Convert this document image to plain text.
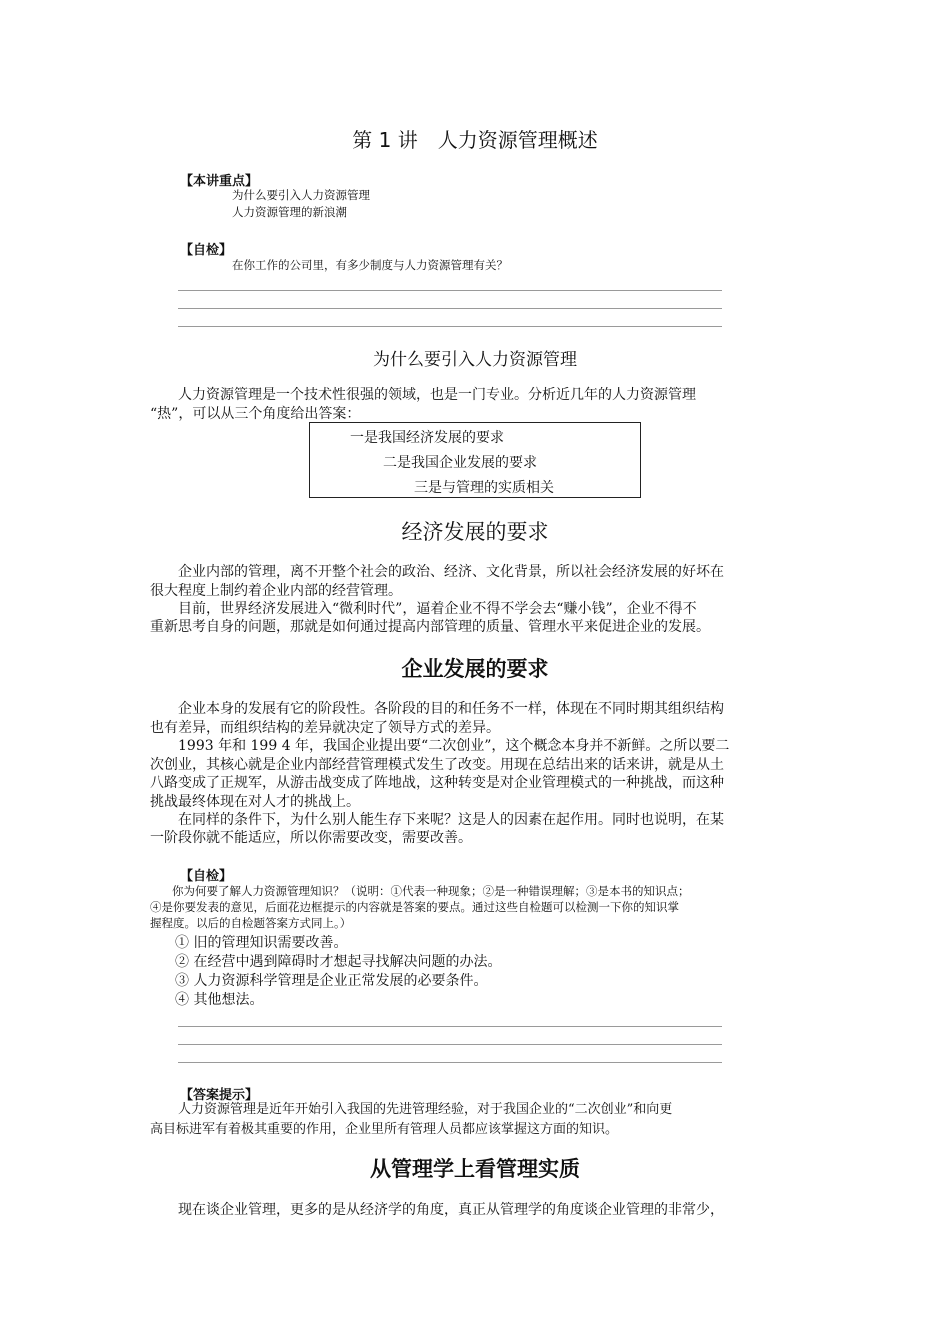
第 1 讲　人力资源管理概述
【本讲重点】
为什么要引入人力资源管理
人力资源管理的新浪潮
【自检】
在你工作的公司里，有多少制度与人力资源管理有关？
为什么要引入人力资源管理
人力资源管理是一个技术性很强的领域，也是一门专业。分析近几年的人力资源管理
“热”，可以从三个角度给出答案：
一是我国经济发展的要求
二是我国企业发展的要求
三是与管理的实质相关
经济发展的要求
企业内部的管理，离不开整个社会的政治、经济、文化背景，所以社会经济发展的好坏在
很大程度上制约着企业内部的经营管理。
目前，世界经济发展进入“微利时代”，逼着企业不得不学会去“赚小钱”，企业不得不
重新思考自身的问题，那就是如何通过提高内部管理的质量、管理水平来促进企业的发展。
企业发展的要求
企业本身的发展有它的阶段性。各阶段的目的和任务不一样，体现在不同时期其组织结构
也有差异，而组织结构的差异就决定了领导方式的差异。
1993 年和 199 4 年，我国企业提出要“二次创业”，这个概念本身并不新鲜。之所以要二
次创业，其核心就是企业内部经营管理模式发生了改变。用现在总结出来的话来讲，就是从土
八路变成了正规军，从游击战变成了阵地战，这种转变是对企业管理模式的一种挑战，而这种
挑战最终体现在对人才的挑战上。
在同样的条件下，为什么别人能生存下来呢？这是人的因素在起作用。同时也说明，在某
一阶段你就不能适应，所以你需要改变，需要改善。
【自检】
你为何要了解人力资源管理知识？（说明：①代表一种现象；②是一种错误理解；③是本书的知识点；
④是你要发表的意见，后面花边框提示的内容就是答案的要点。通过这些自检题可以检测一下你的知识掌
握程度。以后的自检题答案方式同上。）
① 旧的管理知识需要改善。
② 在经营中遇到障碍时才想起寻找解决问题的办法。
③ 人力资源科学管理是企业正常发展的必要条件。
④ 其他想法。
【答案提示】
人力资源管理是近年开始引入我国的先进管理经验，对于我国企业的“二次创业”和向更
高目标进军有着极其重要的作用，企业里所有管理人员都应该掌握这方面的知识。
从管理学上看管理实质
现在谈企业管理，更多的是从经济学的角度，真正从管理学的角度谈企业管理的非常少，
